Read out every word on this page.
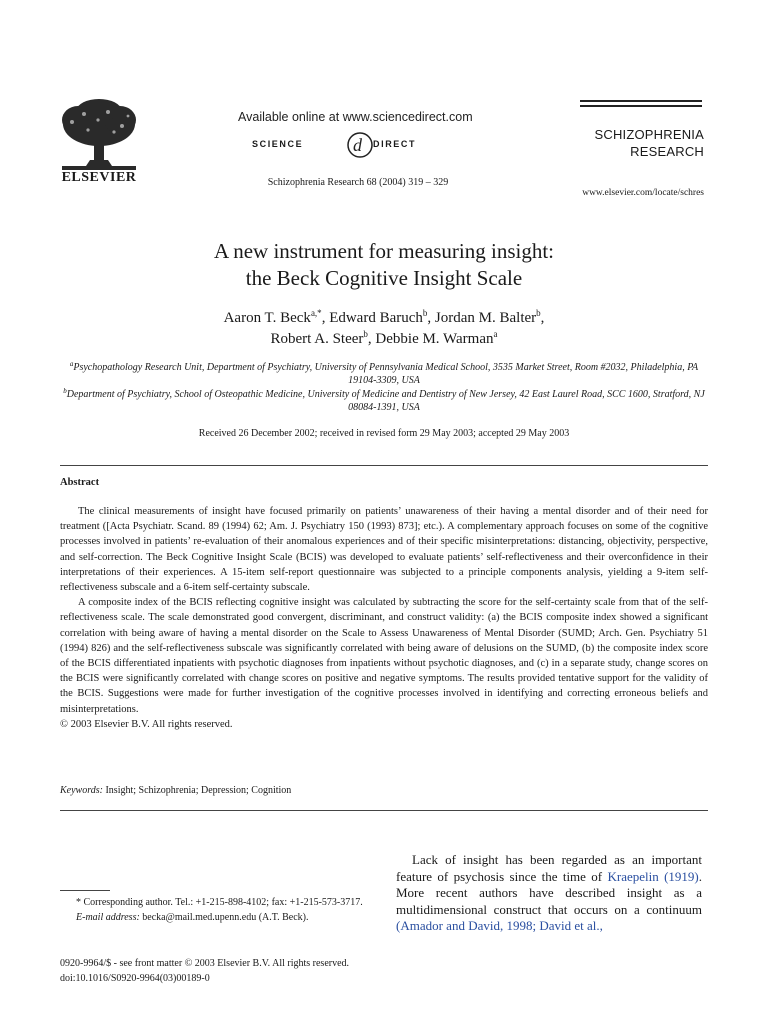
ELSEVIER
Available online at www.sciencedirect.com
d
SCIENCE	DIRECT
Schizophrenia Research 68 (2004) 319 – 329
SCHIZOPHRENIA
RESEARCH
www.elsevier.com/locate/schres
A new instrument for measuring insight:
the Beck Cognitive Insight Scale
Aaron T. Beck$^{a,*}$, Edward Baruch$^b$, Jordan M. Balter$^b$,
Robert A. Steer$^b$, Debbie M. Warman$^a$
$^a$Psychopathology Research Unit, Department of Psychiatry, University of Pennsylvania Medical School, 3535 Market Street, Room #2032, Philadelphia, PA 19104-3309, USA
$^b$Department of Psychiatry, School of Osteopathic Medicine, University of Medicine and Dentistry of New Jersey, 42 East Laurel Road, SCC 1600, Stratford, NJ 08084-1391, USA
Received 26 December 2002; received in revised form 29 May 2003; accepted 29 May 2003
Abstract

The clinical measurements of insight have focused primarily on patients’ unawareness of their having a mental disorder and of their need for treatment ([Acta Psychiatr. Scand. 89 (1994) 62; Am. J. Psychiatry 150 (1993) 873]; etc.). A complementary approach focuses on some of the cognitive processes involved in patients’ re-evaluation of their anomalous experiences and of their specific misinterpretations: distancing, objectivity, perspective, and self-correction. The Beck Cognitive Insight Scale (BCIS) was developed to evaluate patients’ self-reflectiveness and their overconfidence in their interpretations of their experiences. A 15-item self-report questionnaire was subjected to a principle components analysis, yielding a 9-item self-reflectiveness subscale and a 6-item self-certainty subscale.

A composite index of the BCIS reflecting cognitive insight was calculated by subtracting the score for the self-certainty scale from that of the self-reflectiveness scale. The scale demonstrated good convergent, discriminant, and construct validity: (a) the BCIS composite index showed a significant correlation with being aware of having a mental disorder on the Scale to Assess Unawareness of Mental Disorder (SUMD; Arch. Gen. Psychiatry 51 (1994) 826) and the self-reflectiveness subscale was significantly correlated with being aware of delusions on the SUMD, (b) the composite index score of the BCIS differentiated inpatients with psychotic diagnoses from inpatients without psychotic diagnoses, and (c) in a separate study, change scores on the BCIS were significantly correlated with change scores on positive and negative symptoms. The results provided tentative support for the validity of the BCIS. Suggestions were made for further investigation of the cognitive processes involved in identifying and correcting erroneous beliefs and misinterpretations.

© 2003 Elsevier B.V. All rights reserved.

Keywords: Insight; Schizophrenia; Depression; Cognition

Lack of insight has been regarded as an important feature of psychosis since the time of Kraepelin (1919). More recent authors have described insight as a multidimensional construct that occurs on a continuum (Amador and David, 1998; David et al.,

* Corresponding author. Tel.: +1-215-898-4102; fax: +1-215-573-3717.

E-mail address: becka@mail.med.upenn.edu (A.T. Beck).

0920-9964/$ - see front matter © 2003 Elsevier B.V. All rights reserved.
doi:10.1016/S0920-9964(03)00189-0
